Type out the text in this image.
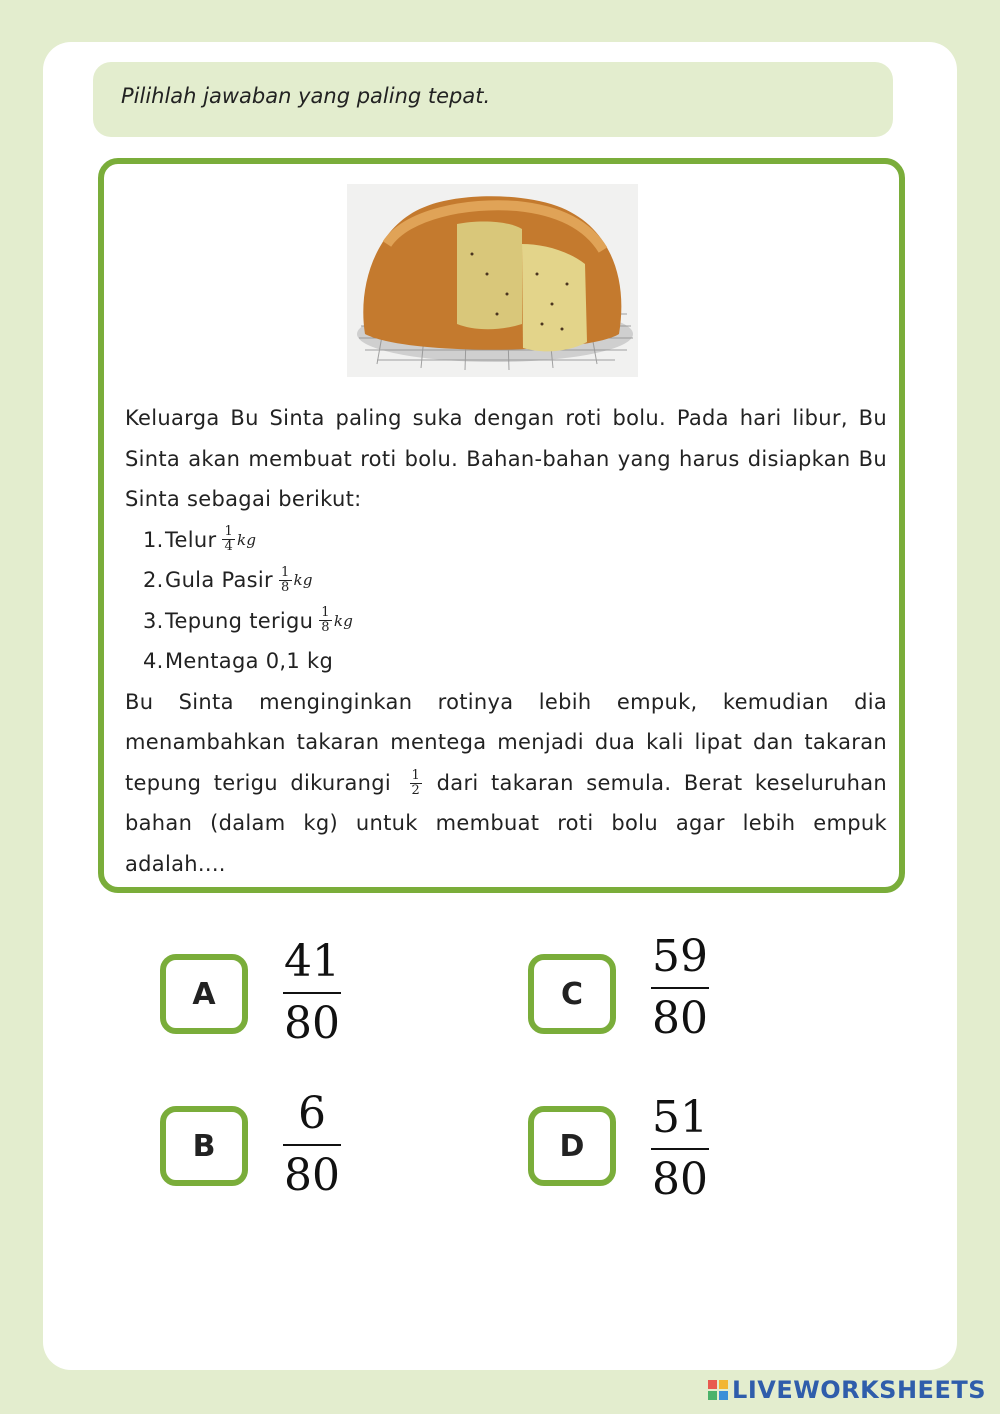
Pilihlah jawaban yang paling tepat.

Keluarga Bu Sinta paling suka dengan roti bolu. Pada hari libur, Bu Sinta akan membuat roti bolu. Bahan-bahan yang harus disiapkan Bu Sinta sebagai berikut:

1. Telur $\frac{1}{4}$ kg
2. Gula Pasir $\frac{1}{8}$ kg
3. Tepung terigu $\frac{1}{8}$ kg
4. Mentaga 0,1 kg

Bu Sinta menginginkan rotinya lebih empuk, kemudian dia menambahkan takaran mentega menjadi dua kali lipat dan takaran tepung terigu dikurangi $\frac{1}{2}$ dari takaran semula. Berat keseluruhan bahan (dalam kg) untuk membuat roti bolu agar lebih empuk adalah....

A $\frac{41}{80}$
B $\frac{6}{80}$
C $\frac{59}{80}$
D $\frac{51}{80}$
LIVEWORKSHEETS
